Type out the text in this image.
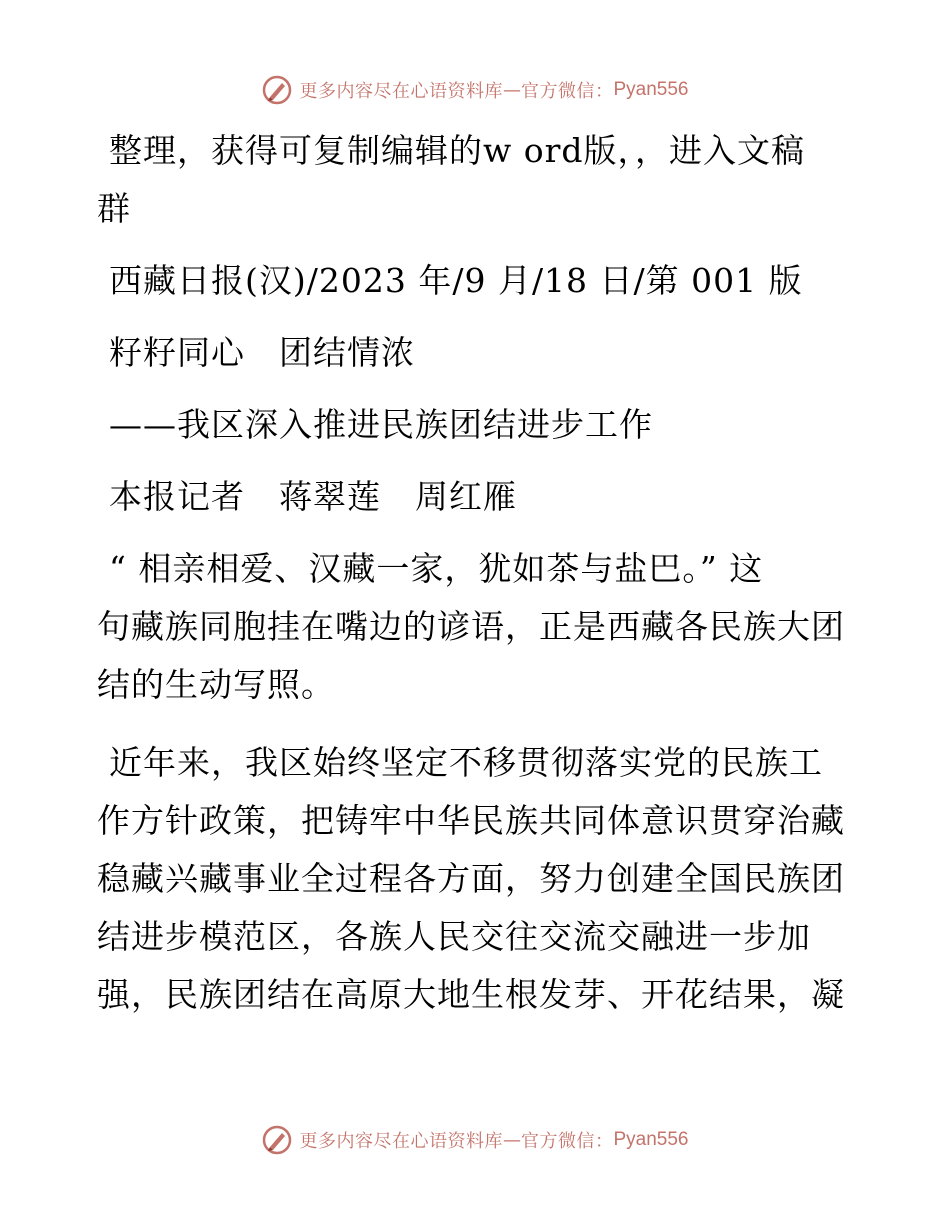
更多内容尽在心语资料库 — 官方微信： Pyan556
整理，获得可复制编辑的w ord版，，进入文稿
群
西藏日报(汉)/2023 年/9 月/18 日/第 001 版
籽籽同心　团结情浓
——我区深入推进民族团结进步工作
本报记者　蒋翠莲　周红雁
“ 相亲相爱、汉藏一家，犹如茶与盐巴。” 这
句藏族同胞挂在嘴边的谚语，正是西藏各民族大团
结的生动写照。
近年来，我区始终坚定不移贯彻落实党的民族工
作方针政策，把铸牢中华民族共同体意识贯穿治藏
稳藏兴藏事业全过程各方面，努力创建全国民族团
结进步模范区，各族人民交往交流交融进一步加
强，民族团结在高原大地生根发芽、开花结果，凝
更多内容尽在心语资料库 — 官方微信： Pyan556
